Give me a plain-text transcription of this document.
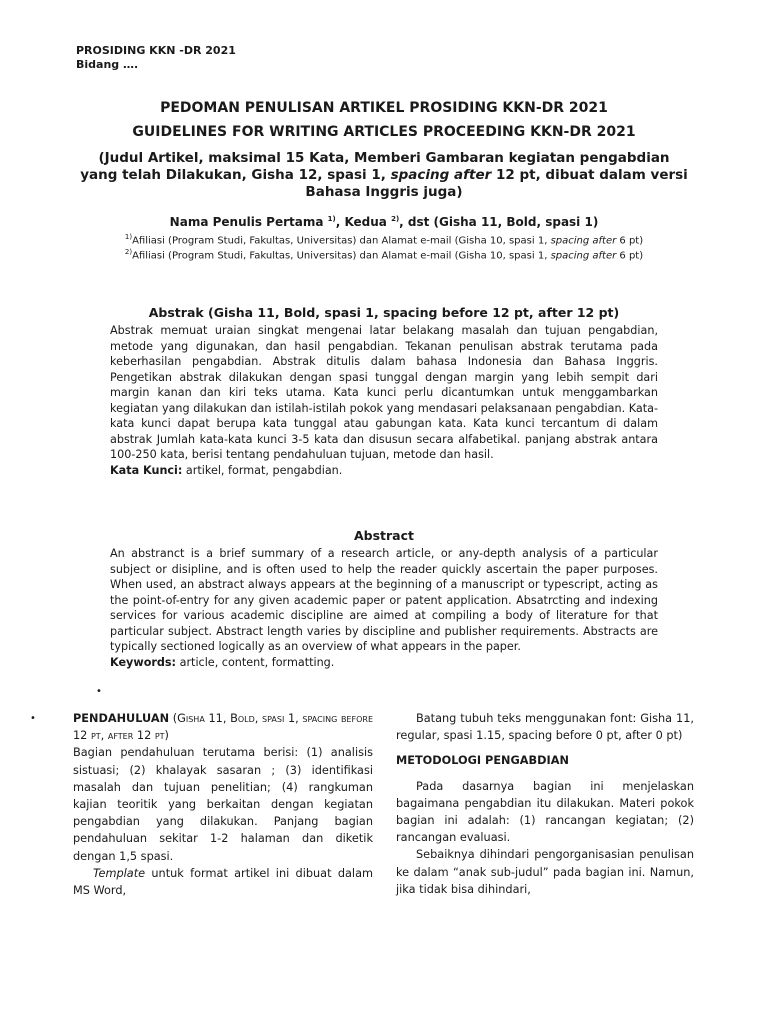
PROSIDING KKN -DR 2021
Bidang ….
PEDOMAN PENULISAN ARTIKEL PROSIDING KKN-DR 2021
GUIDELINES FOR WRITING ARTICLES PROCEEDING KKN-DR 2021
(Judul Artikel, maksimal 15 Kata, Memberi Gambaran kegiatan pengabdian yang telah Dilakukan, Gisha 12, spasi 1, spacing after 12 pt, dibuat dalam versi Bahasa Inggris juga)
Nama Penulis Pertama $^{1)}$, Kedua $^{2)}$, dst (Gisha 11, Bold, spasi 1)
$^{1)}$Afiliasi (Program Studi, Fakultas, Universitas) dan Alamat e-mail (Gisha 10, spasi 1, spacing after 6 pt)
$^{2)}$Afiliasi (Program Studi, Fakultas, Universitas) dan Alamat e-mail (Gisha 10, spasi 1, spacing after 6 pt)
Abstrak (Gisha 11, Bold, spasi 1, spacing before 12 pt, after 12 pt)
Abstrak memuat uraian singkat mengenai latar belakang masalah dan tujuan pengabdian, metode yang digunakan, dan hasil pengabdian. Tekanan penulisan abstrak terutama pada keberhasilan pengabdian. Abstrak ditulis dalam bahasa Indonesia dan Bahasa Inggris. Pengetikan abstrak dilakukan dengan spasi tunggal dengan margin yang lebih sempit dari margin kanan dan kiri teks utama. Kata kunci perlu dicantumkan untuk menggambarkan kegiatan yang dilakukan dan istilah-istilah pokok yang mendasari pelaksanaan pengabdian. Kata-kata kunci dapat berupa kata tunggal atau gabungan kata. Kata kunci tercantum di dalam abstrak Jumlah kata-kata kunci 3-5 kata dan disusun secara alfabetikal. panjang abstrak antara 100-250 kata, berisi tentang pendahuluan tujuan, metode dan hasil.
Kata Kunci: artikel, format, pengabdian.
Abstract
An abstranct is a brief summary of a research article, or any-depth analysis of a particular subject or disipline, and is often used to help the reader quickly ascertain the paper purposes. When used, an abstract always appears at the beginning of a manuscript or typescript, acting as the point-of-entry for any given academic paper or patent application. Absatrcting and indexing services for various academic discipline are aimed at compiling a body of literature for that particular subject. Abstract length varies by discipline and publisher requirements. Abstracts are typically sectioned logically as an overview of what appears in the paper.
Keywords: article, content, formatting.
•
•	PENDAHULUAN (Gisha 11, Bold, spasi 1, spacing before 12 pt, after 12 pt)

Bagian pendahuluan terutama berisi: (1) analisis sistuasi; (2) khalayak sasaran ; (3) identifikasi masalah dan tujuan penelitian; (4) rangkuman kajian teoritik yang berkaitan dengan kegiatan pengabdian yang dilakukan. Panjang bagian pendahuluan sekitar 1-2 halaman dan diketik dengan 1,5 spasi.

Template untuk format artikel ini dibuat dalam MS Word,

Batang tubuh teks menggunakan font: Gisha 11, regular, spasi 1.15, spacing before 0 pt, after 0 pt)

METODOLOGI PENGABDIAN

Pada dasarnya bagian ini menjelaskan bagaimana pengabdian itu dilakukan. Materi pokok bagian ini adalah: (1) rancangan kegiatan; (2) rancangan evaluasi.

Sebaiknya dihindari pengorganisasian penulisan ke dalam “anak sub-judul” pada bagian ini. Namun, jika tidak bisa dihindari,
